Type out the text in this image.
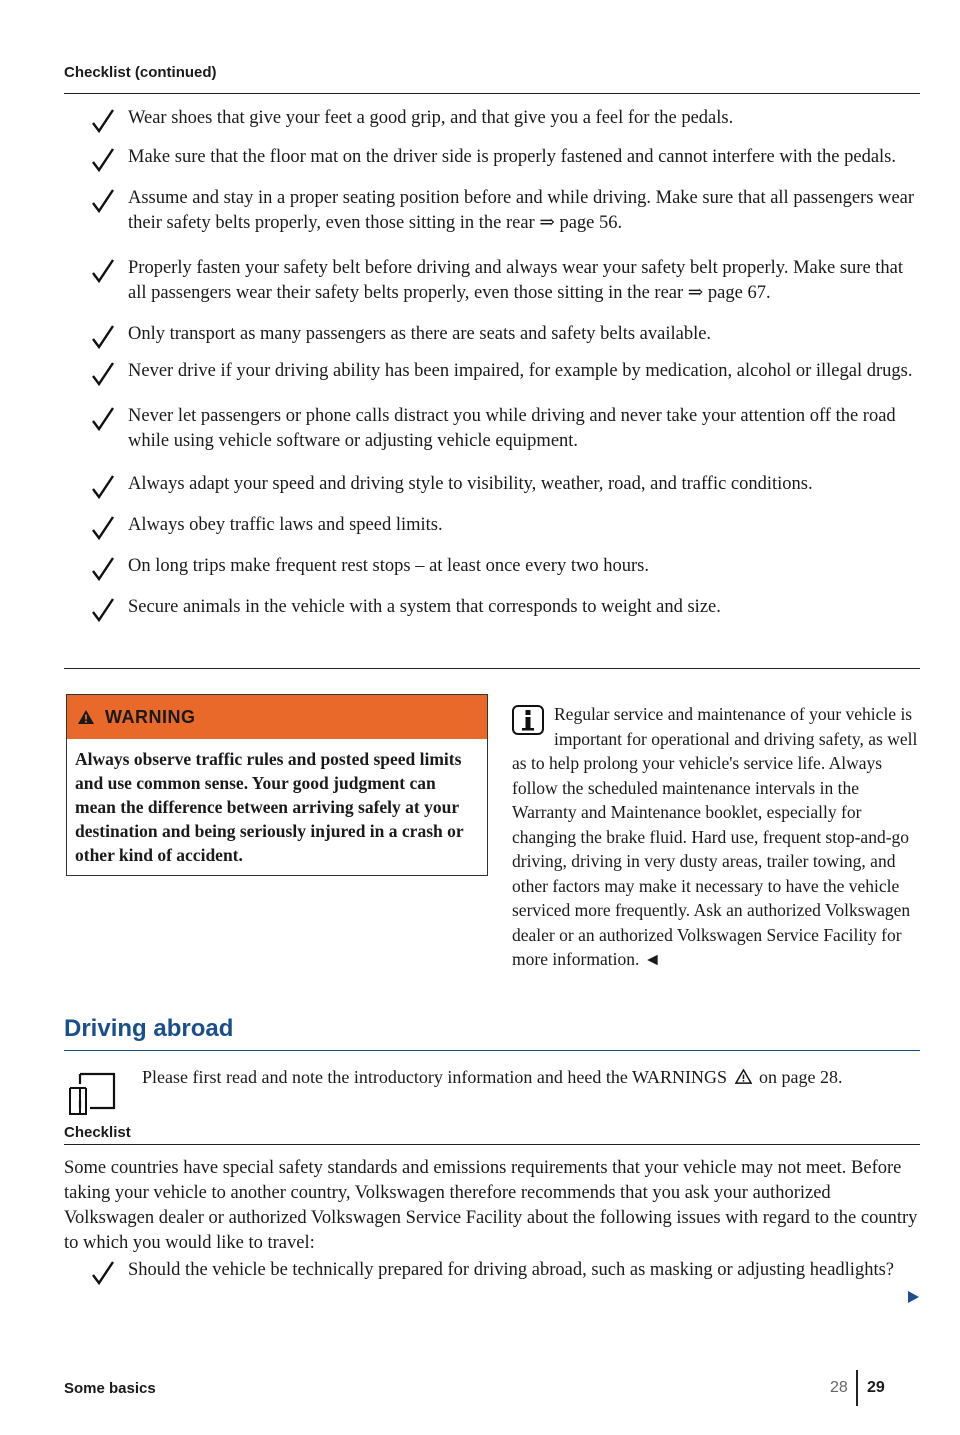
Checklist (continued)
Wear shoes that give your feet a good grip, and that give you a feel for the pedals.
Make sure that the floor mat on the driver side is properly fastened and cannot interfere with the pedals.
Assume and stay in a proper seating position before and while driving. Make sure that all passengers wear their safety belts properly, even those sitting in the rear ⇒ page 56.
Properly fasten your safety belt before driving and always wear your safety belt properly. Make sure that all passengers wear their safety belts properly, even those sitting in the rear ⇒ page 67.
Only transport as many passengers as there are seats and safety belts available.
Never drive if your driving ability has been impaired, for example by medication, alcohol or illegal drugs.
Never let passengers or phone calls distract you while driving and never take your attention off the road while using vehicle software or adjusting vehicle equipment.
Always adapt your speed and driving style to visibility, weather, road, and traffic conditions.
Always obey traffic laws and speed limits.
On long trips make frequent rest stops – at least once every two hours.
Secure animals in the vehicle with a system that corresponds to weight and size.
WARNING
Always observe traffic rules and posted speed limits and use common sense. Your good judgment can mean the difference between arriving safely at your destination and being seriously injured in a crash or other kind of accident.
Regular service and maintenance of your vehicle is important for operational and driving safety, as well as to help prolong your vehicle's service life. Always follow the scheduled maintenance intervals in the Warranty and Maintenance booklet, especially for changing the brake fluid. Hard use, frequent stop-and-go driving, driving in very dusty areas, trailer towing, and other factors may make it necessary to have the vehicle serviced more frequently. Ask an authorized Volkswagen dealer or an authorized Volkswagen Service Facility for more information. ◄
Driving abroad
Please first read and note the introductory information and heed the WARNINGS on page 28.
Checklist

Some countries have special safety standards and emissions requirements that your vehicle may not meet. Before taking your vehicle to another country, Volkswagen therefore recommends that you ask your authorized Volkswagen dealer or authorized Volkswagen Service Facility about the following issues with regard to the country to which you would like to travel:

Should the vehicle be technically prepared for driving abroad, such as masking or adjusting headlights?
Some basics	28 29
